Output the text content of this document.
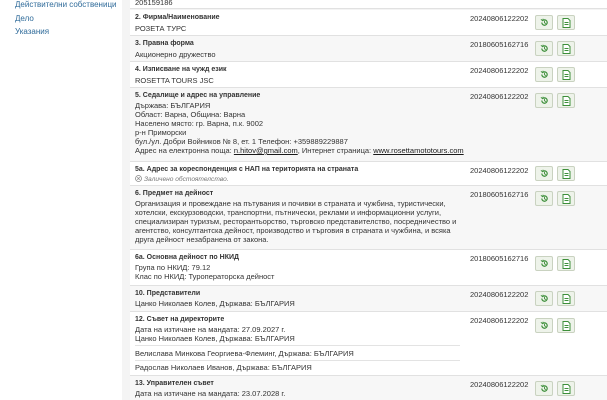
Действителни собственици
Дело
Указания
205159186
2. Фирма/Наименование
РОЗЕТА ТУРС
20240806122202
3. Правна форма
Акционерно дружество
20180605162716
4. Изписване на чужд език
ROSETTA TOURS JSC
20240806122202
5. Седалище и адрес на управление
Държава: БЪЛГАРИЯ
Област: Варна, Община: Варна
Населено място: гр. Варна, п.к. 9002
р-н Приморски
бул./ул. Добри Войников № 8, ет. 1 Телефон: +359889229887
Адрес на електронна поща: n.hitov@gmail.com, Интернет страница: www.rosettamototours.com
20240806122202
5а. Адрес за кореспонденция с НАП на територията на страната
Заличено обстоятелство.
20240806122202
6. Предмет на дейност
Организация и провеждане на пътувания и почивки в страната и чужбина, туристически,
хотелски, екскурзоводски, транспортни, пътнически, реклами и информационни услуги,
специализиран туризъм, ресторантьорство, търговско представителство, посредничество и
агентство, консултантска дейност, производство и търговия в страната и чужбина, и всяка
друга дейност незабранена от закона.
20180605162716
6а. Основна дейност по НКИД
Група по НКИД: 79.12
Клас по НКИД: Туроператорска дейност
20180605162716
10. Представители
Цанко Николаев Колев, Държава: БЪЛГАРИЯ
20240806122202
12. Съвет на директорите
Дата на изтичане на мандата: 27.09.2027 г.
Цанко Николаев Колев, Държава: БЪЛГАРИЯ
Велиславa Минкова Георгиева-Флеминг, Държава: БЪЛГАРИЯ
Радослав Николаев Иванов, Държава: БЪЛГАРИЯ
20240806122202
13. Управителен съвет
Дата на изтичане на мандата: 23.07.2028 г.
20240806122202
